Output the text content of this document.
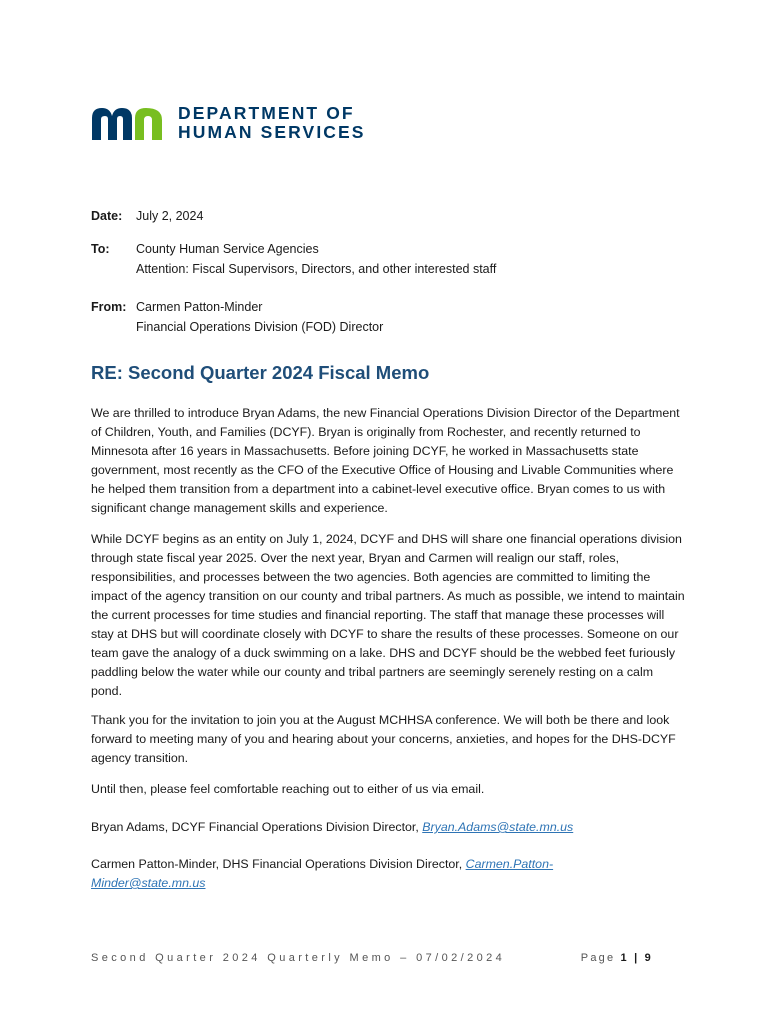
DEPARTMENT OF
HUMAN SERVICES
Date:	July 2, 2024
To:	County Human Service Agencies
Attention: Fiscal Supervisors, Directors, and other interested staff
From: Carmen Patton-Minder
Financial Operations Division (FOD) Director
RE: Second Quarter 2024 Fiscal Memo

We are thrilled to introduce Bryan Adams, the new Financial Operations Division Director of the Department of Children, Youth, and Families (DCYF). Bryan is originally from Rochester, and recently returned to Minnesota after 16 years in Massachusetts. Before joining DCYF, he worked in Massachusetts state government, most recently as the CFO of the Executive Office of Housing and Livable Communities where he helped them transition from a department into a cabinet-level executive office. Bryan comes to us with significant change management skills and experience.

While DCYF begins as an entity on July 1, 2024, DCYF and DHS will share one financial operations division through state fiscal year 2025. Over the next year, Bryan and Carmen will realign our staff, roles, responsibilities, and processes between the two agencies. Both agencies are committed to limiting the impact of the agency transition on our county and tribal partners. As much as possible, we intend to maintain the current processes for time studies and financial reporting. The staff that manage these processes will stay at DHS but will coordinate closely with DCYF to share the results of these processes. Someone on our team gave the analogy of a duck swimming on a lake. DHS and DCYF should be the webbed feet furiously paddling below the water while our county and tribal partners are seemingly serenely resting on a calm pond.

Thank you for the invitation to join you at the August MCHHSA conference. We will both be there and look forward to meeting many of you and hearing about your concerns, anxieties, and hopes for the DHS-DCYF agency transition.

Until then, please feel comfortable reaching out to either of us via email.

Bryan Adams, DCYF Financial Operations Division Director, Bryan.Adams@state.mn.us

Carmen Patton-Minder, DHS Financial Operations Division Director, Carmen.Patton-Minder@state.mn.us

Second Quarter 2024 Quarterly Memo – 07/02/2024	Page 1 | 9
